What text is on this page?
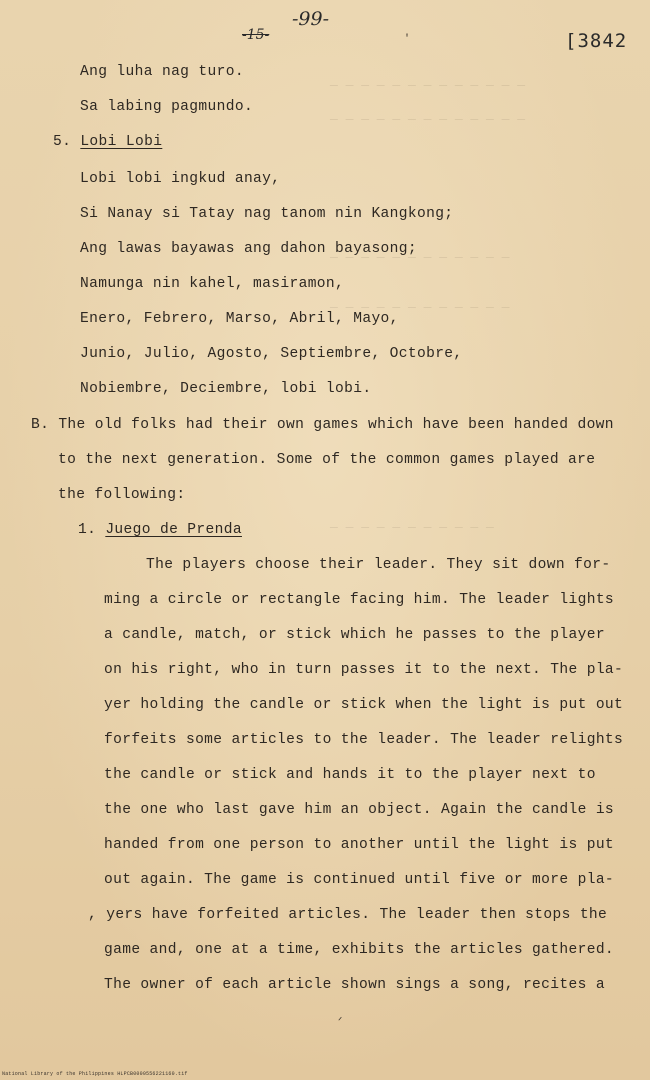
— — — — — — — — — — — — —
— — — — — — — — — — — — —
— — — — — — — — — — — —
— — — — — — — — — — — —
— — — — — — — — — — —
-15-
-99-
[3842
'
Ang luha nag turo.
Sa labing pagmundo.
5. Lobi Lobi
Lobi lobi ingkud anay,
Si Nanay si Tatay nag tanom nin Kangkong;
Ang lawas bayawas ang dahon bayasong;
Namunga nin kahel, masiramon,
Enero, Febrero, Marso, Abril, Mayo,
Junio, Julio, Agosto, Septiembre, Octobre,
Nobiembre, Deciembre, lobi lobi.
B. The old folks had their own games which have been handed down
to the next generation. Some of the common games played are
the following:
1. Juego de Prenda
The players choose their leader. They sit down for-
ming a circle or rectangle facing him. The leader lights
a candle, match, or stick which he passes to the player
on his right, who in turn passes it to the next. The pla-
yer holding the candle or stick when the light is put out
forfeits some articles to the leader. The leader relights
the candle or stick and hands it to the player next to
the one who last gave him an object. Again the candle is
handed from one person to another until the light is put
out again. The game is continued until five or more pla-
, yers have forfeited articles. The leader then stops the
game and, one at a time, exhibits the articles gathered.
The owner of each article shown sings a song, recites a
ᐟ
National Library of the Philippines HLPCB0000556221160.tif
